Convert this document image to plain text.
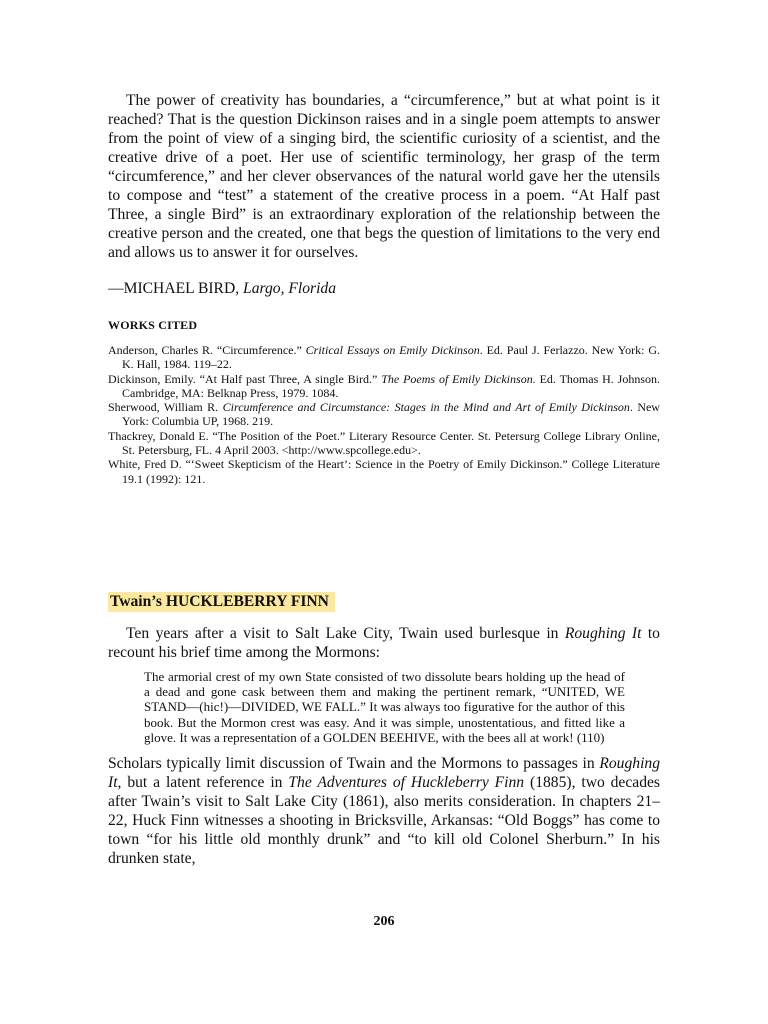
The power of creativity has boundaries, a “circumference,” but at what point is it reached? That is the question Dickinson raises and in a single poem attempts to answer from the point of view of a singing bird, the scientific curiosity of a scientist, and the creative drive of a poet. Her use of scientific terminology, her grasp of the term “circumference,” and her clever observances of the natural world gave her the utensils to compose and “test” a statement of the creative process in a poem. “At Half past Three, a single Bird” is an extraordinary exploration of the relationship between the creative person and the created, one that begs the question of limitations to the very end and allows us to answer it for ourselves.

—MICHAEL BIRD, Largo, Florida
WORKS CITED

Anderson, Charles R. “Circumference.” Critical Essays on Emily Dickinson. Ed. Paul J. Ferlazzo. New York: G. K. Hall, 1984. 119–22.

Dickinson, Emily. “At Half past Three, A single Bird.” The Poems of Emily Dickinson. Ed. Thomas H. Johnson. Cambridge, MA: Belknap Press, 1979. 1084.

Sherwood, William R. Circumference and Circumstance: Stages in the Mind and Art of Emily Dickinson. New York: Columbia UP, 1968. 219.

Thackrey, Donald E. “The Position of the Poet.” Literary Resource Center. St. Petersurg College Library Online, St. Petersburg, FL. 4 April 2003. <http://www.spcollege.edu>.

White, Fred D. “‘Sweet Skepticism of the Heart’: Science in the Poetry of Emily Dickinson.” College Literature 19.1 (1992): 121.

Twain’s HUCKLEBERRY FINN

Ten years after a visit to Salt Lake City, Twain used burlesque in Roughing It to recount his brief time among the Mormons:

The armorial crest of my own State consisted of two dissolute bears holding up the head of a dead and gone cask between them and making the pertinent remark, “UNITED, WE STAND—(hic!)—DIVIDED, WE FALL.” It was always too figurative for the author of this book. But the Mormon crest was easy. And it was simple, unostentatious, and fitted like a glove. It was a representation of a GOLDEN BEEHIVE, with the bees all at work! (110)

Scholars typically limit discussion of Twain and the Mormons to passages in Roughing It, but a latent reference in The Adventures of Huckleberry Finn (1885), two decades after Twain’s visit to Salt Lake City (1861), also merits consideration. In chapters 21–22, Huck Finn witnesses a shooting in Bricksville, Arkansas: “Old Boggs” has come to town “for his little old monthly drunk” and “to kill old Colonel Sherburn.” In his drunken state,

206
